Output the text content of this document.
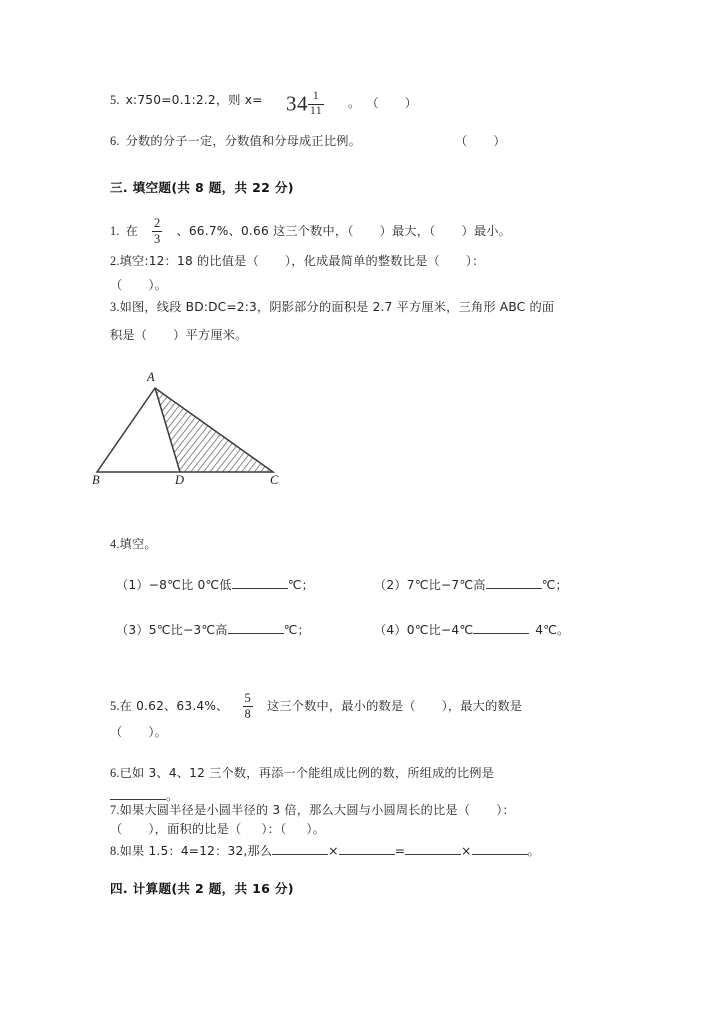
5. x:750=0.1:2.2，则 $x= 34 \frac{1}{11}$ 。 （ ）
6. 分数的分子一定，分数值和分母成正比例。	（ ）
三. 填空题(共 8 题，共 22 分)
1. 在 $\frac{2}{3}$ 、66.7%、0.66 这三个数中，（ ）最大，（ ）最小。
2.填空:12：18 的比值是（ ），化成最简单的整数比是（ ）：
（ ）。
3.如图，线段 BD:DC=2:3，阴影部分的面积是 2.7 平方厘米，三角形 ABC 的面
积是（ ）平方厘米。
A
B	D	C
4.填空。
（1）−8℃比 0℃低	℃；	（2）7℃比−7℃高	℃；
（3）5℃比−3℃高	℃；	（4）0℃比−4℃	4℃。
5.在 0.62、63.4%、 $\frac{5}{8}$ 这三个数中，最小的数是（ ），最大的数是
（ ）。
6.已如 3、4、12 三个数，再添一个能组成比例的数，所组成的比例是
。
7.如果大圆半径是小圆半径的 3 倍，那么大圆与小圆周长的比是（ ）：
（ ），面积的比是（ ）：（ ）。
8.如果 1.5：4=12：32,那么	×	=	×	。
四. 计算题(共 2 题，共 16 分)
